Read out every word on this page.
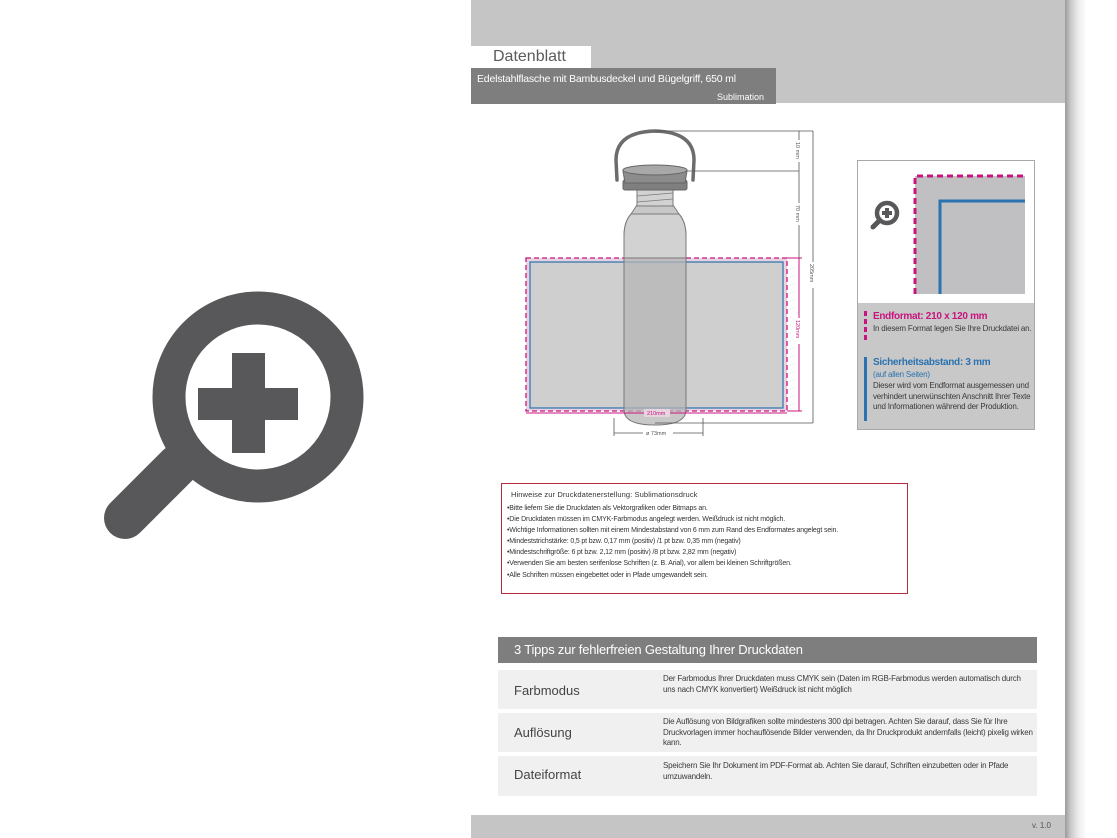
Datenblatt
Edelstahlflasche mit Bambusdeckel und Bügelgriff, 650 ml
Sublimation
10 mm
70 mm
205mm
120mm
210mm
ø 73mm
Endformat: 210 x 120 mm
In diesem Format legen Sie Ihre Druckdatei an.
Sicherheitsabstand: 3 mm
(auf allen Seiten)
Dieser wird vom Endformat ausgemessen und verhindert unerwünschten Anschnitt Ihrer Texte und Informationen während der Produktion.
Hinweise zur Druckdatenerstellung: Sublimationsdruck
•Bitte liefern Sie die Druckdaten als Vektorgrafiken oder Bitmaps an.
•Die Druckdaten müssen im CMYK-Farbmodus angelegt werden. Weißdruck ist nicht möglich.
•Wichtige Informationen sollten mit einem Mindestabstand von 6 mm zum Rand des Endformates angelegt sein.
•Mindeststrichstärke: 0,5 pt bzw. 0,17 mm (positiv) /1 pt bzw. 0,35 mm (negativ)
•Mindestschriftgröße: 6 pt bzw. 2,12 mm (positiv) /8 pt bzw. 2,82 mm (negativ)
•Verwenden Sie am besten serifenlose Schriften (z. B. Arial), vor allem bei kleinen Schriftgrößen.
•Alle Schriften müssen eingebettet oder in Pfade umgewandelt sein.
3 Tipps zur fehlerfreien Gestaltung Ihrer Druckdaten
Farbmodus
Der Farbmodus Ihrer Druckdaten muss CMYK sein (Daten im RGB-Farbmodus werden automatisch durch uns nach CMYK konvertiert) Weißdruck ist nicht möglich
Auflösung
Die Auflösung von Bildgrafiken sollte mindestens 300 dpi betragen. Achten Sie darauf, dass Sie für Ihre Druckvorlagen immer hochauflösende Bilder verwenden, da Ihr Druckprodukt andernfalls (leicht) pixelig wirken kann.
Dateiformat
Speichern Sie Ihr Dokument im PDF-Format ab. Achten Sie darauf, Schriften einzubetten oder in Pfade umzuwandeln.
v. 1.0
